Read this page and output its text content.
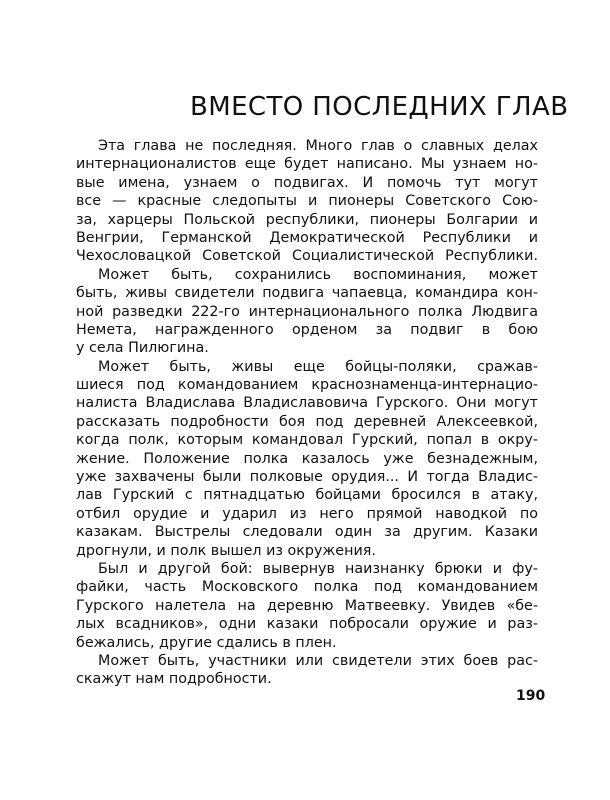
ВМЕСТО ПОСЛЕДНИХ ГЛАВ
Эта глава не последняя. Много глав о славных делах
интернационалистов еще будет написано. Мы узнаем но-
вые имена, узнаем о подвигах. И помочь тут могут
все — красные следопыты и пионеры Советского Сою-
за, харцеры Польской республики, пионеры Болгарии и
Венгрии, Германской Демократической Республики и
Чехословацкой Советской Социалистической Республики.
Может быть, сохранились воспоминания, может
быть, живы свидетели подвига чапаевца, командира кон-
ной разведки 222-го интернационального полка Людвига
Немета, награжденного орденом за подвиг в бою
у села Пилюгина.
Может быть, живы еще бойцы-поляки, сражав-
шиеся под командованием краснознаменца-интернацио-
налиста Владислава Владиславовича Гурского. Они могут
рассказать подробности боя под деревней Алексеевкой,
когда полк, которым командовал Гурский, попал в окру-
жение. Положение полка казалось уже безнадежным,
уже захвачены были полковые орудия... И тогда Владис-
лав Гурский с пятнадцатью бойцами бросился в атаку,
отбил орудие и ударил из него прямой наводкой по
казакам. Выстрелы следовали один за другим. Казаки
дрогнули, и полк вышел из окружения.
Был и другой бой: вывернув наизнанку брюки и фу-
файки, часть Московского полка под командованием
Гурского налетела на деревню Матвеевку. Увидев «бе-
лых всадников», одни казаки побросали оружие и раз-
бежались, другие сдались в плен.
Может быть, участники или свидетели этих боев рас-
скажут нам подробности.
190
